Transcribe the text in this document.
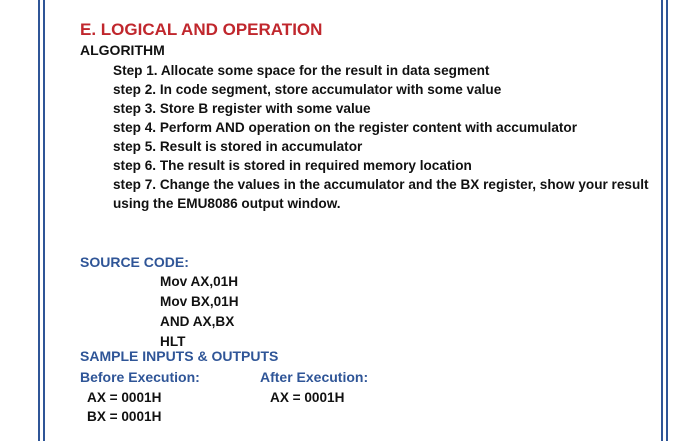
E. LOGICAL AND OPERATION

ALGORITHM

Step 1. Allocate some space for the result in data segment
step 2. In code segment, store accumulator with some value
step 3. Store B register with some value
step 4. Perform AND operation on the register content with accumulator
step 5. Result is stored in accumulator
step 6. The result is stored in required memory location
step 7. Change the values in the accumulator and the BX register, show your result using the EMU8086 output window.

SOURCE CODE:

Mov AX,01H
Mov BX,01H
AND AX,BX
HLT

SAMPLE INPUTS & OUTPUTS

Before Execution:	After Execution:

AX = 0001H
BX = 0001H
AX = 0001H
